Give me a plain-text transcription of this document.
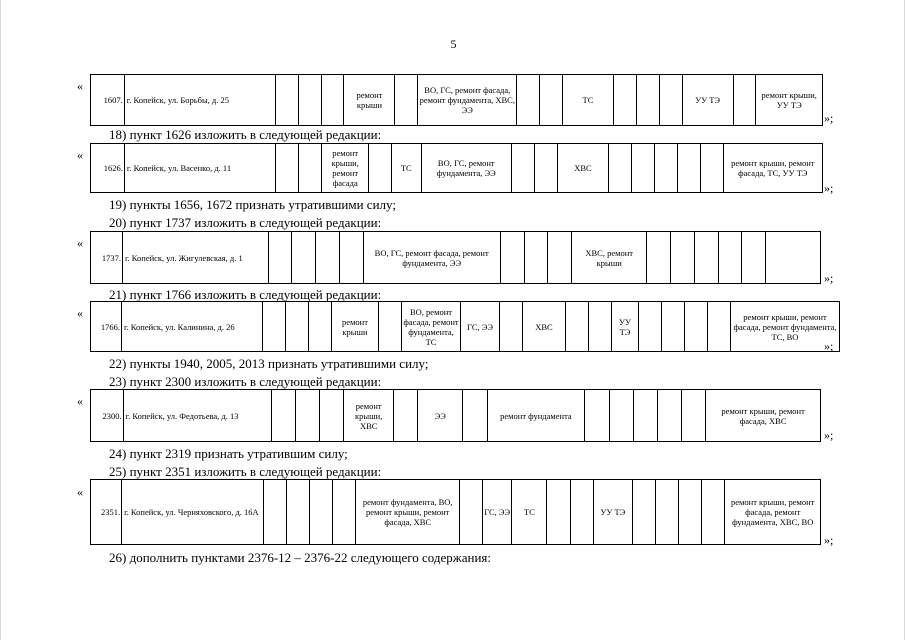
5
«
1607.	г. Копейск, ул. Борьбы, д. 25				ремонт крыши		ВО, ГС, ремонт фасада, ремонт фундамента, ХВС, ЭЭ			ТС				УУ ТЭ		ремонт крыши, УУ ТЭ
»;
18) пункт 1626 изложить в следующей редакции:
«
1626.	г. Копейск, ул. Васенко, д. 11			ремонт крыши, ремонт фасада		ТС	ВО, ГС, ремонт фундамента, ЭЭ			ХВС						ремонт крыши, ремонт фасада, ТС, УУ ТЭ
»;
19) пункты 1656, 1672 признать утратившими силу;
20) пункт 1737 изложить в следующей редакции:
«
1737.	г. Копейск, ул. Жигулевская, д. 1					ВО, ГС, ремонт фасада, ремонт фундамента, ЭЭ				ХВС, ремонт крыши						
»;
21) пункт 1766 изложить в следующей редакции:
«
1766.	г. Копейск, ул. Калинина, д. 26				ремонт крыши		ВО, ремонт фасада, ремонт фундамента, ТС	ГС, ЭЭ		ХВС			УУ ТЭ					ремонт крыши, ремонт фасада, ремонт фундамента, ТС, ВО
»;
22) пункты 1940, 2005, 2013 признать утратившими силу;
23) пункт 2300 изложить в следующей редакции:
«
2300.	г. Копейск, ул. Федотьева, д. 13				ремонт крыши, ХВС		ЭЭ		ремонт фундамента						ремонт крыши, ремонт фасада, ХВС
»;
24) пункт 2319 признать утратившим силу;
25) пункт 2351 изложить в следующей редакции:
«
2351.	г. Копейск, ул. Черняховского, д. 16А					ремонт фундамента, ВО, ремонт крыши, ремонт фасада, ХВС		ГС, ЭЭ	ТС			УУ ТЭ					ремонт крыши, ремонт фасада, ремонт фундамента, ХВС, ВО
»;
26) дополнить пунктами 2376-12 – 2376-22 следующего содержания:
